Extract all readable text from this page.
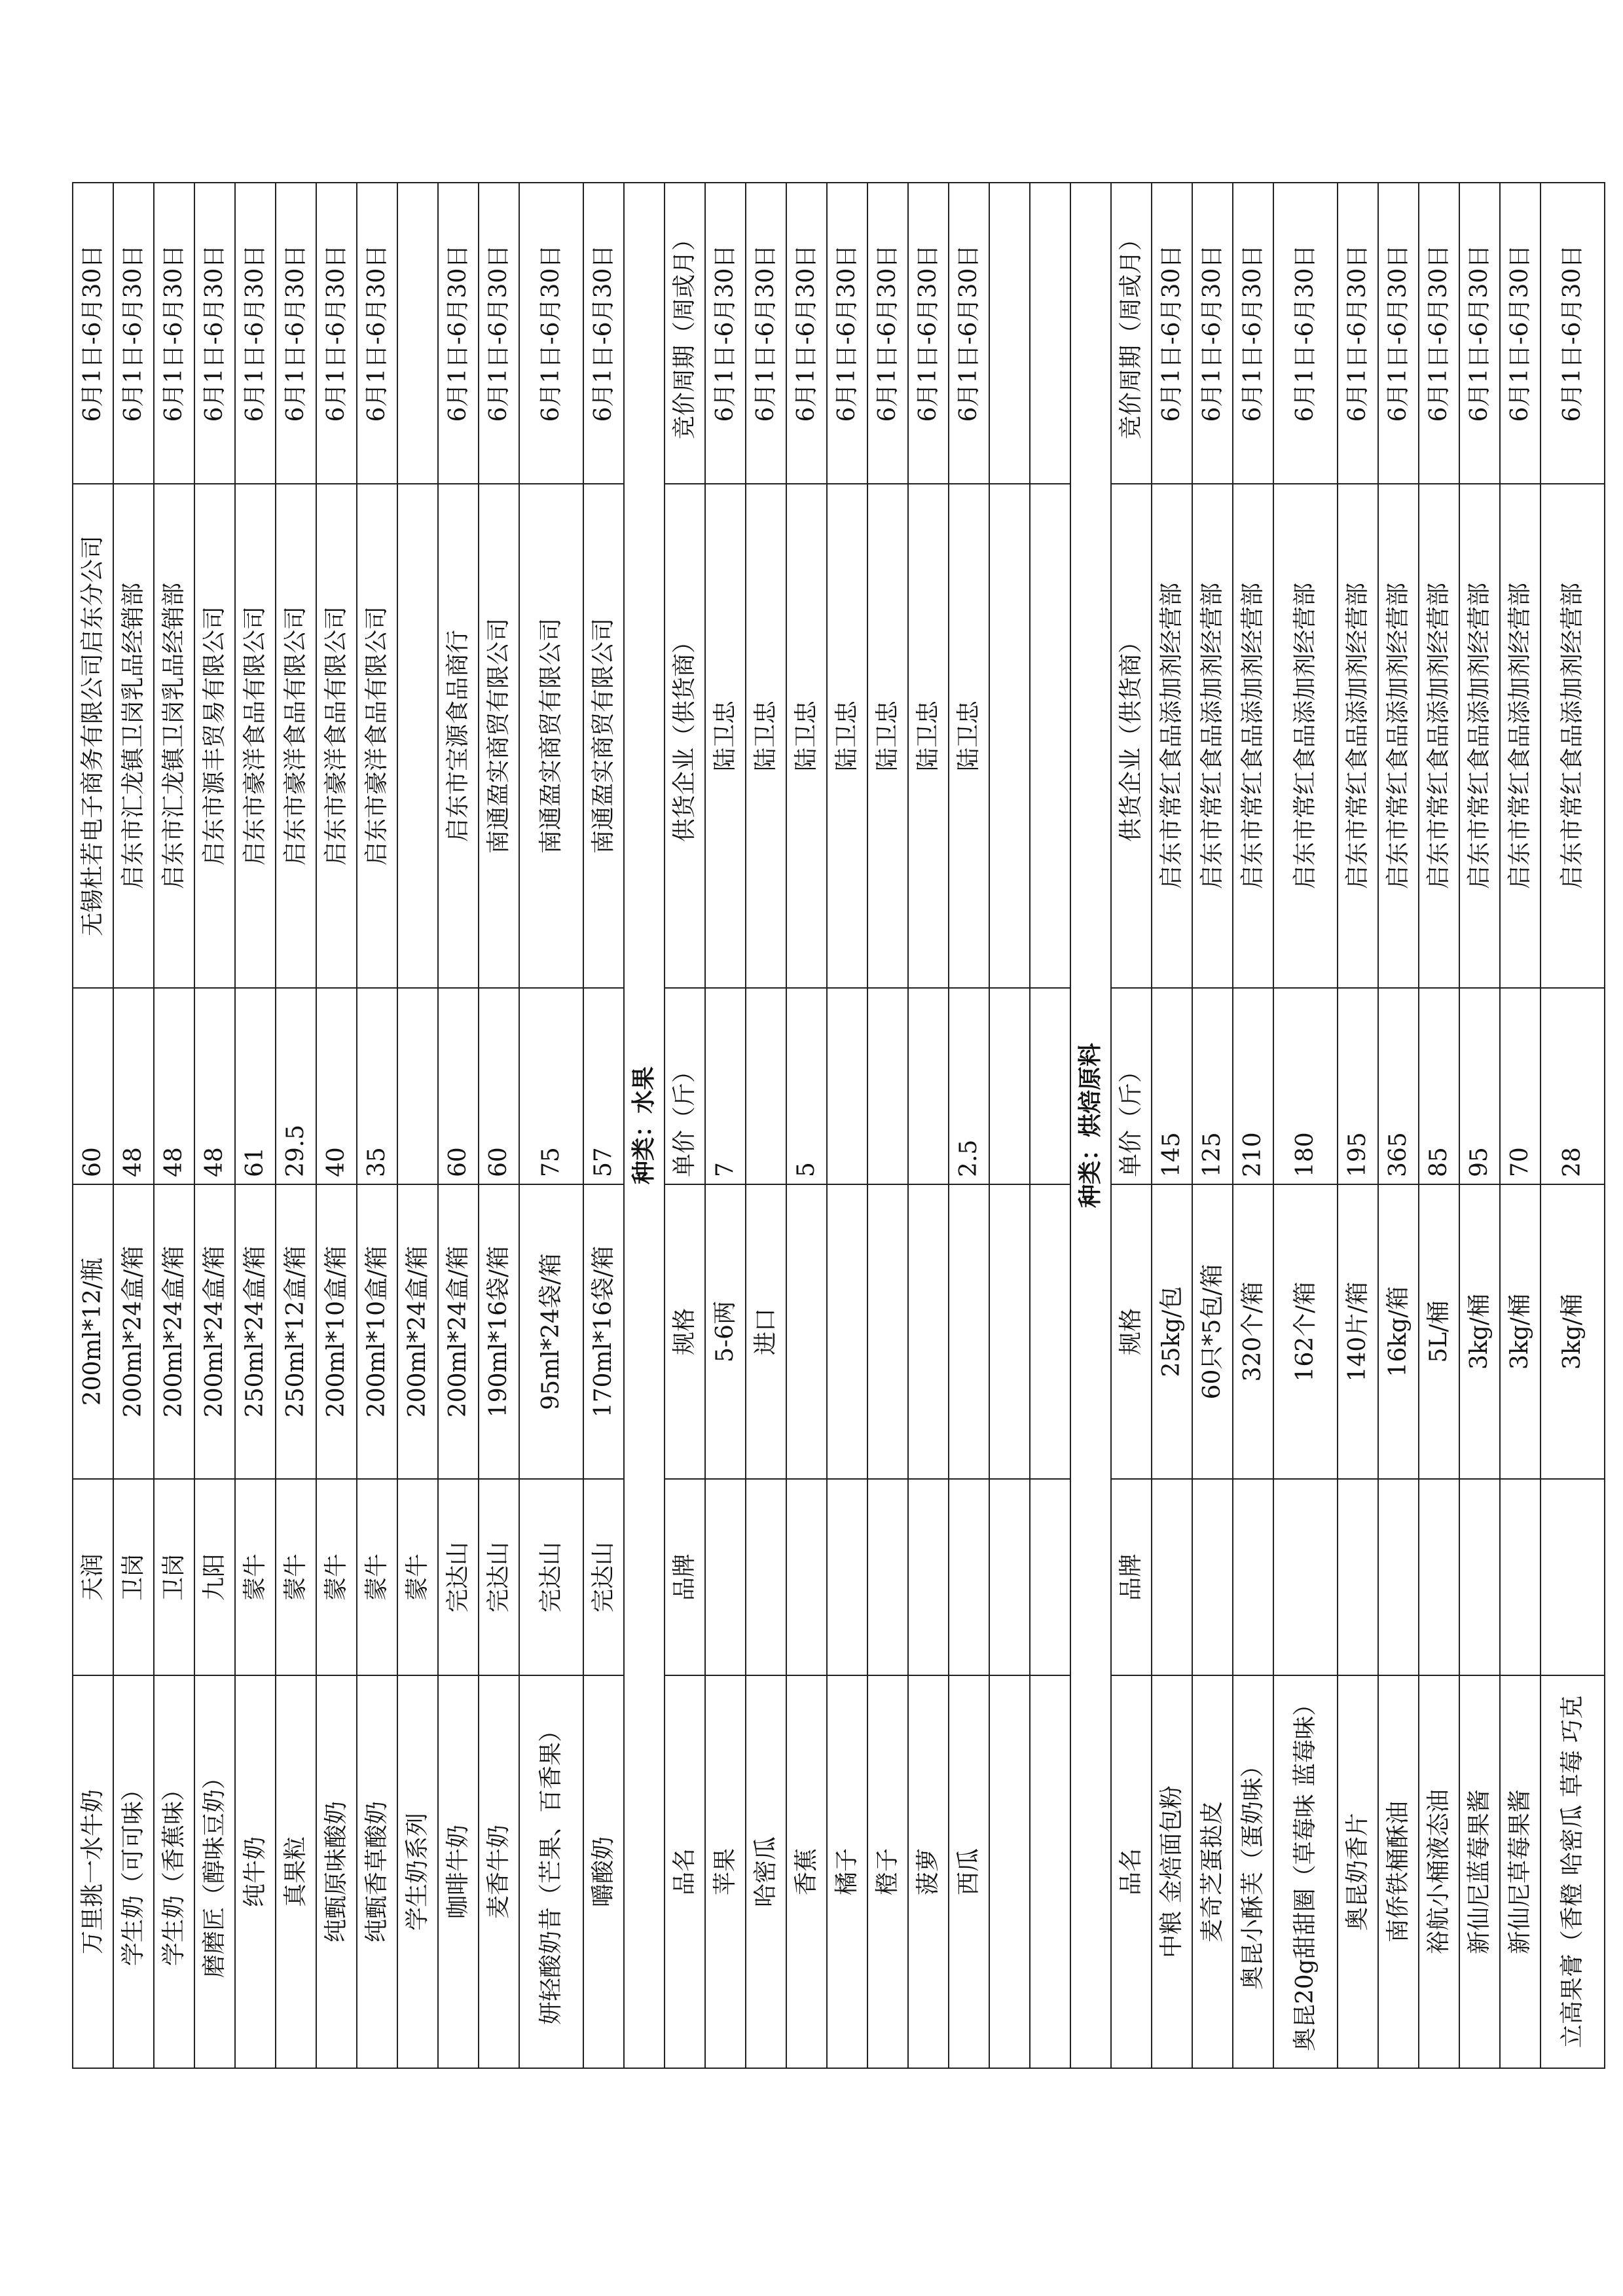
万里挑一水牛奶	天润	200ml*12/瓶	60	无锡杜若电子商务有限公司启东分公司	6月1日-6月30日
学生奶（可可味）	卫岗	200ml*24盒/箱	48	启东市汇龙镇卫岗乳品经销部	6月1日-6月30日
学生奶（香蕉味）	卫岗	200ml*24盒/箱	48	启东市汇龙镇卫岗乳品经销部	6月1日-6月30日
磨磨匠（醇味豆奶）	九阳	200ml*24盒/箱	48	启东市源丰贸易有限公司	6月1日-6月30日
纯牛奶	蒙牛	250ml*24盒/箱	61	启东市豪洋食品有限公司	6月1日-6月30日
真果粒	蒙牛	250ml*12盒/箱	29.5	启东市豪洋食品有限公司	6月1日-6月30日
纯甄原味酸奶	蒙牛	200ml*10盒/箱	40	启东市豪洋食品有限公司	6月1日-6月30日
纯甄香草酸奶	蒙牛	200ml*10盒/箱	35	启东市豪洋食品有限公司	6月1日-6月30日
学生奶系列	蒙牛	200ml*24盒/箱			
咖啡牛奶	完达山	200ml*24盒/箱	60	启东市宝源食品商行	6月1日-6月30日
麦香牛奶	完达山	190ml*16袋/箱	60	南通盈实商贸有限公司	6月1日-6月30日
妍轻酸奶昔（芒果、百香果）	完达山	95ml*24袋/箱	75	南通盈实商贸有限公司	6月1日-6月30日
嚼酸奶	完达山	170ml*16袋/箱	57	南通盈实商贸有限公司	6月1日-6月30日
种类：水果					
品名	品牌	规格	单价（斤）	供货企业（供货商）	竞价周期（周或月）
苹果		5-6两	7	陆卫忠	6月1日-6月30日
哈密瓜		进口		陆卫忠	6月1日-6月30日
香蕉			5	陆卫忠	6月1日-6月30日
橘子				陆卫忠	6月1日-6月30日
橙子				陆卫忠	6月1日-6月30日
菠萝				陆卫忠	6月1日-6月30日
西瓜			2.5	陆卫忠	6月1日-6月30日

种类：烘焙原料					
品名	品牌	规格	单价（斤）	供货企业（供货商）	竞价周期（周或月）
中粮 金焙面包粉		25kg/包	145	启东市常红食品添加剂经营部	6月1日-6月30日
麦奇芝蛋挞皮		60只*5包/箱	125	启东市常红食品添加剂经营部	6月1日-6月30日
奥昆小酥芙（蛋奶味）		320个/箱	210	启东市常红食品添加剂经营部	6月1日-6月30日
奥昆20g甜甜圈（草莓味 蓝莓味）		162个/箱	180	启东市常红食品添加剂经营部	6月1日-6月30日
奥昆奶香片		140片/箱	195	启东市常红食品添加剂经营部	6月1日-6月30日
南侨铁桶酥油		16kg/箱	365	启东市常红食品添加剂经营部	6月1日-6月30日
裕航小桶液态油		5L/桶	85	启东市常红食品添加剂经营部	6月1日-6月30日
新仙尼蓝莓果酱		3kg/桶	95	启东市常红食品添加剂经营部	6月1日-6月30日
新仙尼草莓果酱		3kg/桶	70	启东市常红食品添加剂经营部	6月1日-6月30日
立高果膏（香橙 哈密瓜 草莓 巧克		3kg/桶	28	启东市常红食品添加剂经营部	6月1日-6月30日
